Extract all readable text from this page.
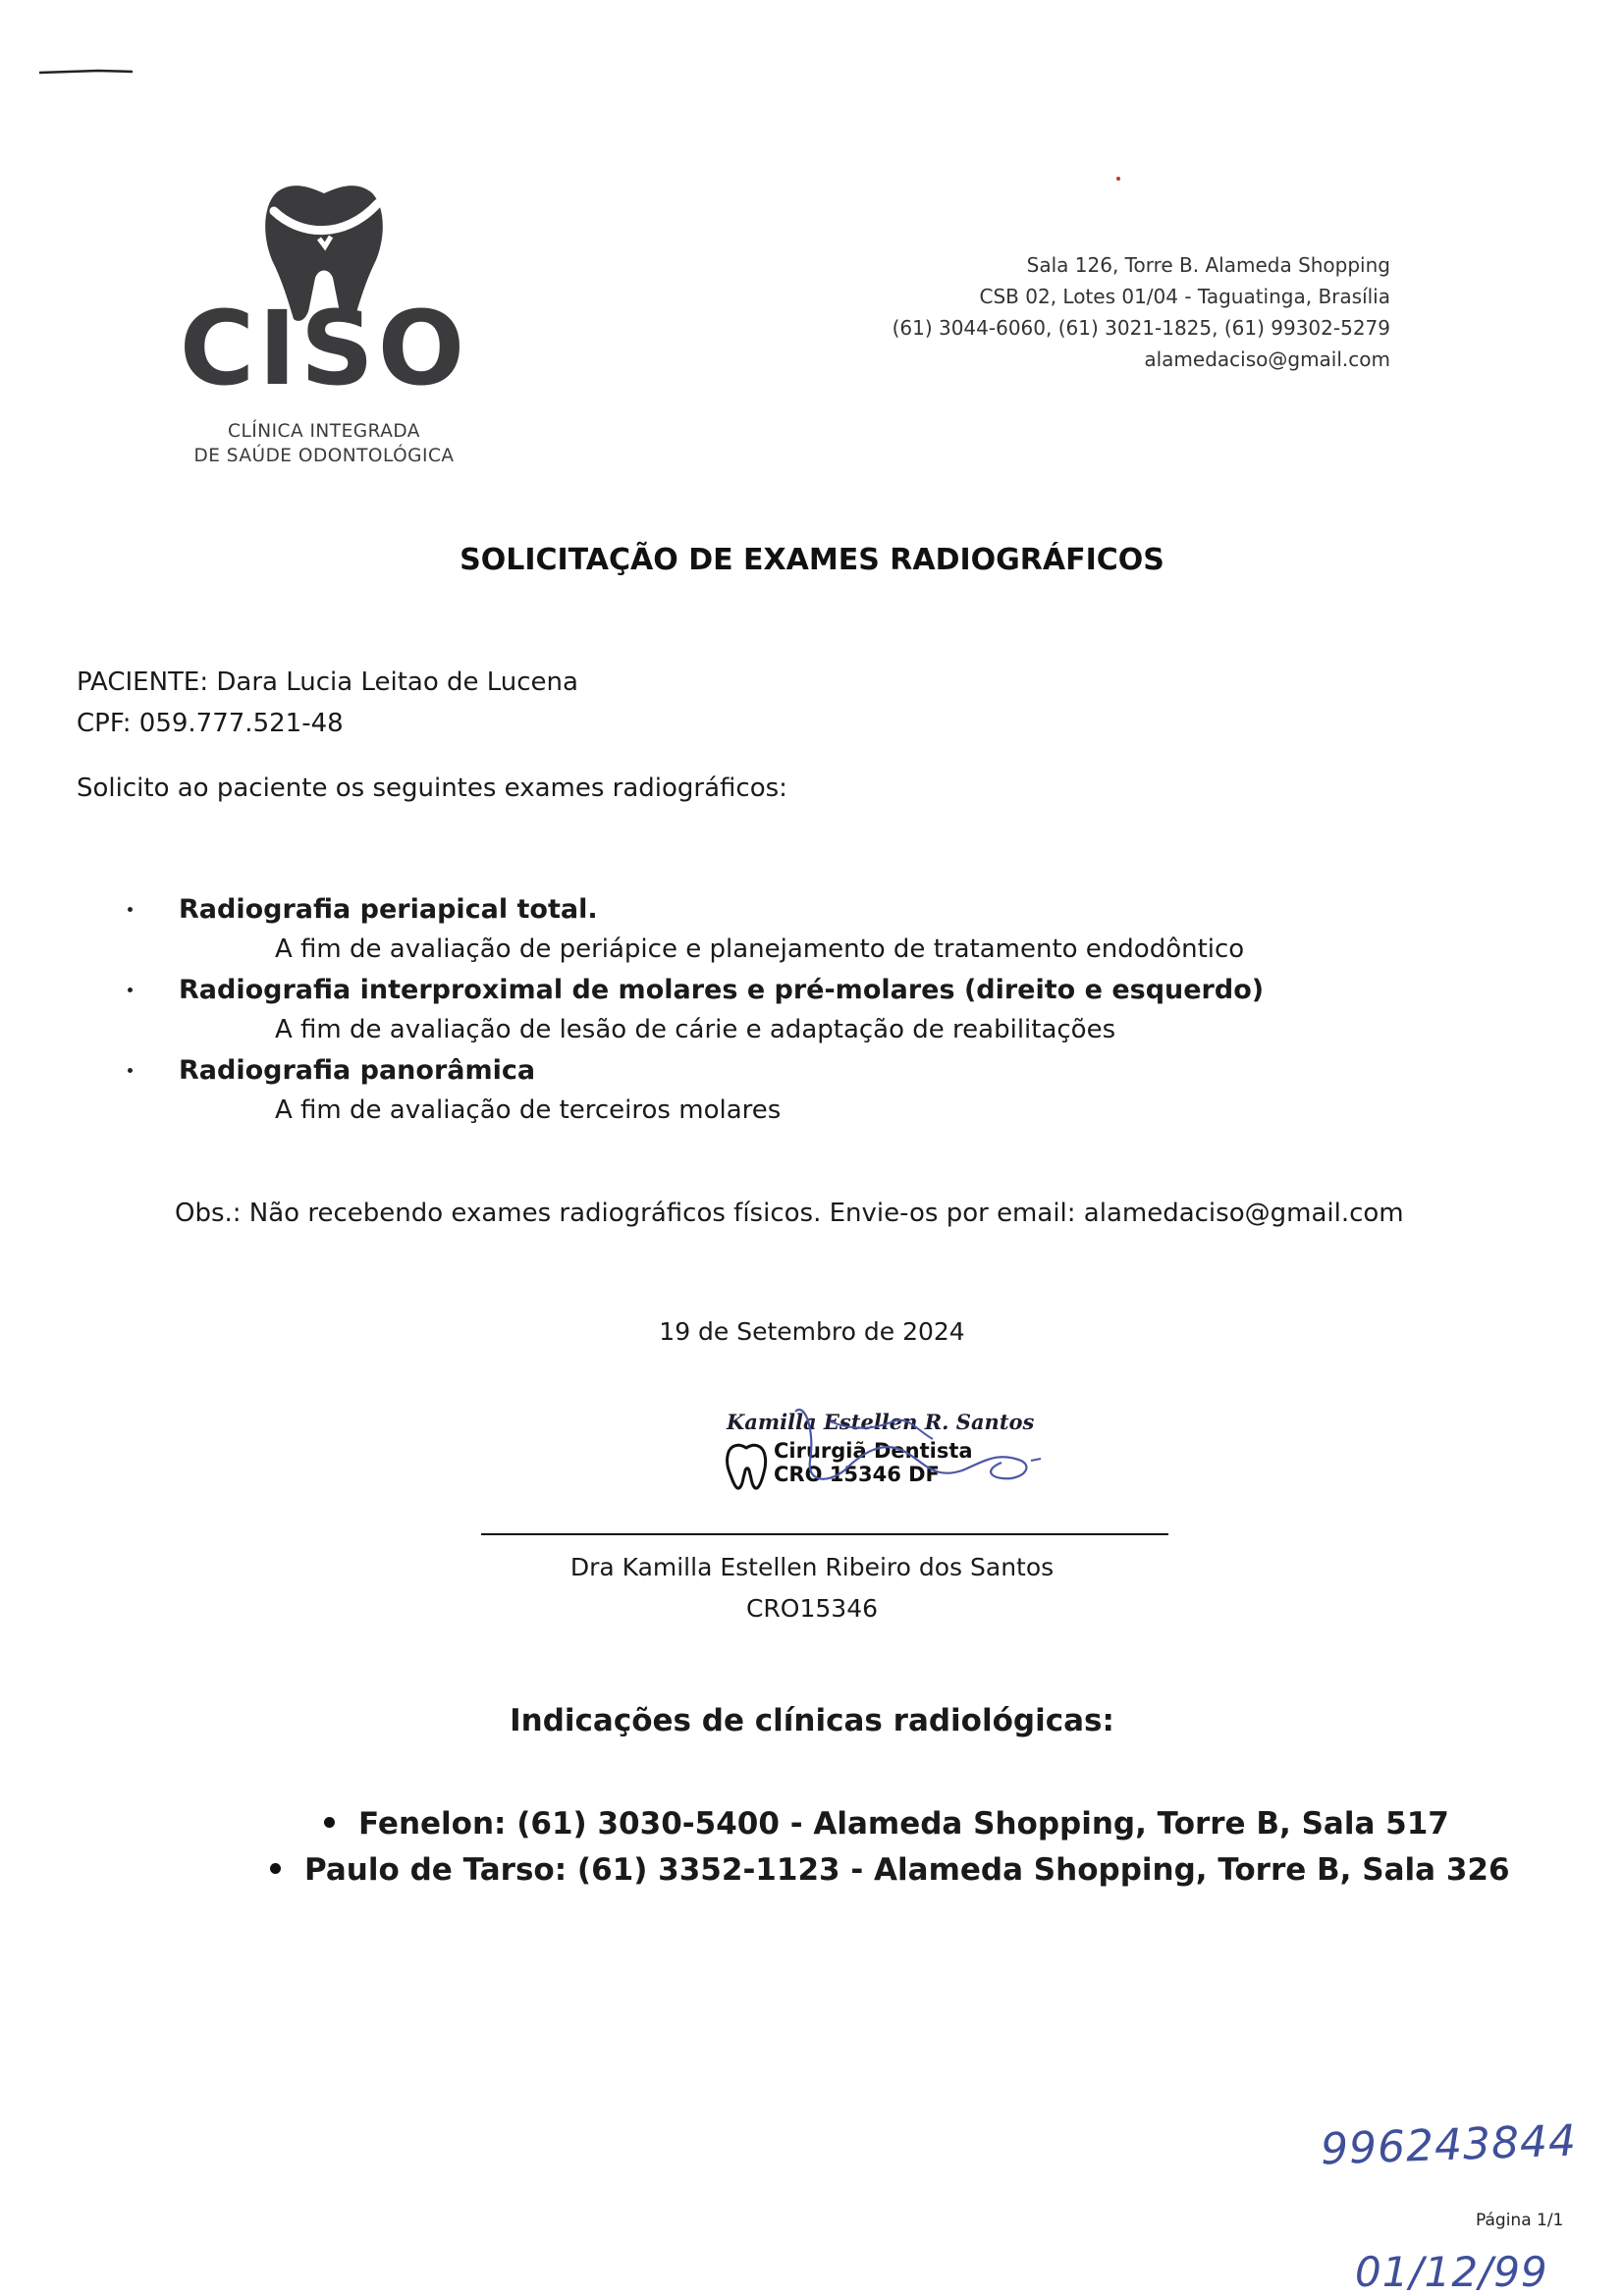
CISO
CLÍNICA INTEGRADA
DE SAÚDE ODONTOLÓGICA
Sala 126, Torre B. Alameda Shopping
CSB 02, Lotes 01/04 - Taguatinga, Brasília
(61) 3044-6060, (61) 3021-1825, (61) 99302-5279
alamedaciso@gmail.com
SOLICITAÇÃO DE EXAMES RADIOGRÁFICOS
PACIENTE: Dara Lucia Leitao de Lucena
CPF: 059.777.521-48
Solicito ao paciente os seguintes exames radiográficos:
Radiografia periapical total.
A fim de avaliação de periápice e planejamento de tratamento endodôntico
Radiografia interproximal de molares e pré-molares (direito e esquerdo)
A fim de avaliação de lesão de cárie e adaptação de reabilitações
Radiografia panorâmica
A fim de avaliação de terceiros molares
Obs.: Não recebendo exames radiográficos físicos. Envie-os por email: alamedaciso@gmail.com
19 de Setembro de 2024
Kamilla Estellen R. Santos
Cirurgiã Dentista
CRO 15346 DF
Dra Kamilla Estellen Ribeiro dos Santos
CRO15346
Indicações de clínicas radiológicas:
Fenelon: (61) 3030-5400 - Alameda Shopping, Torre B, Sala 517
Paulo de Tarso: (61) 3352-1123 - Alameda Shopping, Torre B, Sala 326
996243844
Página 1/1
01/12/99
